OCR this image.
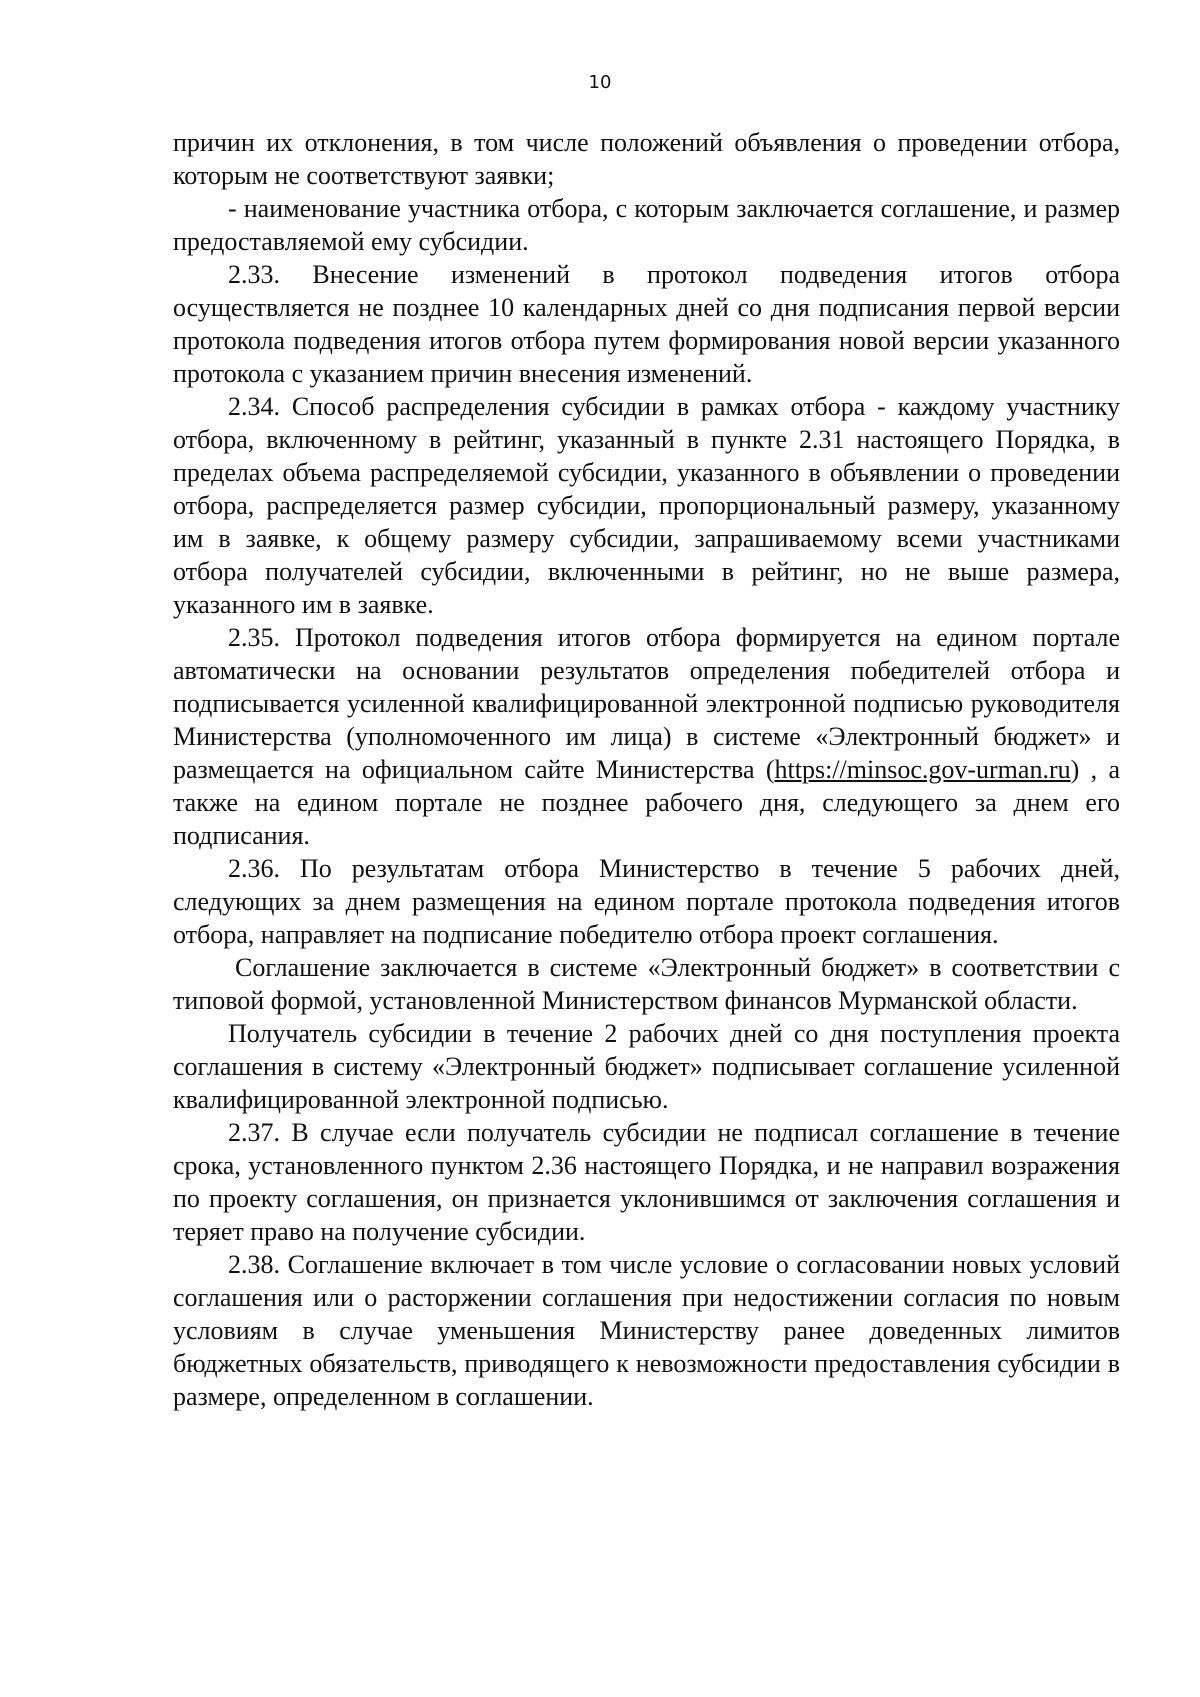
10

причин их отклонения, в том числе положений объявления о проведении отбора, которым не соответствуют заявки;

- наименование участника отбора, с которым заключается соглашение, и размер предоставляемой ему субсидии.

2.33. Внесение изменений в протокол подведения итогов отбора осуществляется не позднее 10 календарных дней со дня подписания первой версии протокола подведения итогов отбора путем формирования новой версии указанного протокола с указанием причин внесения изменений.

2.34. Способ распределения субсидии в рамках отбора - каждому участнику отбора, включенному в рейтинг, указанный в пункте 2.31 настоящего Порядка, в пределах объема распределяемой субсидии, указанного в объявлении о проведении отбора, распределяется размер субсидии, пропорциональный размеру, указанному им в заявке, к общему размеру субсидии, запрашиваемому всеми участниками отбора получателей субсидии, включенными в рейтинг, но не выше размера, указанного им в заявке.

2.35. Протокол подведения итогов отбора формируется на едином портале автоматически на основании результатов определения победителей отбора и подписывается усиленной квалифицированной электронной подписью руководителя Министерства (уполномоченного им лица) в системе «Электронный бюджет» и размещается на официальном сайте Министерства (https://minsoc.gov-urman.ru) , а также на едином портале не позднее рабочего дня, следующего за днем его подписания.

2.36. По результатам отбора Министерство в течение 5 рабочих дней, следующих за днем размещения на едином портале протокола подведения итогов отбора, направляет на подписание победителю отбора проект соглашения.

Соглашение заключается в системе «Электронный бюджет» в соответствии с типовой формой, установленной Министерством финансов Мурманской области.

Получатель субсидии в течение 2 рабочих дней со дня поступления проекта соглашения в систему «Электронный бюджет» подписывает соглашение усиленной квалифицированной электронной подписью.

2.37. В случае если получатель субсидии не подписал соглашение в течение срока, установленного пунктом 2.36 настоящего Порядка, и не направил возражения по проекту соглашения, он признается уклонившимся от заключения соглашения и теряет право на получение субсидии.

2.38. Соглашение включает в том числе условие о согласовании новых условий соглашения или о расторжении соглашения при недостижении согласия по новым условиям в случае уменьшения Министерству ранее доведенных лимитов бюджетных обязательств, приводящего к невозможности предоставления субсидии в размере, определенном в соглашении.
